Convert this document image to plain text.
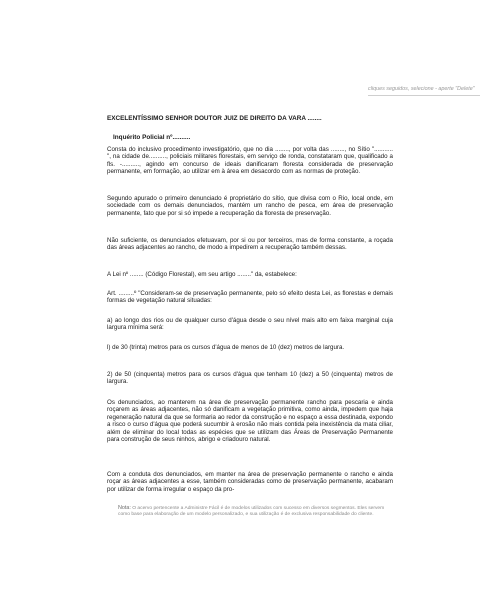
cliques seguidos, selecione - aperte "Delete"

EXCELENTÍSSIMO SENHOR DOUTOR JUIZ DE DIREITO DA VARA ........

Inquérito Policial nº..........

Consta do inclusivo procedimento investigatório, que no dia ........, por volta das ........, no Sítio "........... ", na cidade de.........., policiais militares florestais, em serviço de ronda, constataram que, qualificado a fls. -.........., agindo em concurso de ideais danificaram floresta considerada de preservação permanente, em formação, ao utilizar em à área em desacordo com as normas de proteção.

Segundo apurado o primeiro denunciado é proprietário do sítio, que divisa com o Rio, local onde, em sociedade com os demais denunciados, mantém um rancho de pesca, em área de preservação permanente, fato que por si só impede a recuperação da floresta de preservação.

Não suficiente, os denunciados efetuavam, por si ou por terceiros, mas de forma constante, a roçada das áreas adjacentes ao rancho, de modo a impedirem a recuperação também dessas.

A Lei nº ........ (Código Florestal), em seu artigo ........" da, estabelece:

Art. .........º "Consideram-se de preservação permanente, pelo só efeito desta Lei, as florestas e demais formas de vegetação natural situadas:

a) ao longo dos rios ou de qualquer curso d'água desde o seu nível mais alto em faixa marginal cuja largura mínima será:

l) de 30 (trinta) metros para os cursos d'água de menos de 10 (dez) metros de largura.

2) de 50 (cinquenta) metros para os cursos d'água que tenham 10 (dez) a 50 (cinquenta) metros de largura.

Os denunciados, ao manterem na área de preservação permanente rancho para pescaria e ainda roçarem as áreas adjacentes, não só danificam a vegetação primitiva, como ainda, impedem que haja regeneração natural da que se formaria ao redor da construção e no espaço a essa destinada, expondo a risco o curso d'água que poderá sucumbir à erosão não mais contida pela inexistência da mata ciliar, além de eliminar do local todas as espécies que se utilizam das Áreas de Preservação Permanente para construção de seus ninhos, abrigo e criadouro natural.

Com a conduta dos denunciados, em manter na área de preservação permanente o rancho e ainda roçar as áreas adjacentes a esse, também consideradas como de preservação permanente, acabaram por utilizar de forma irregular o espaço da pro-

Nota: O acervo pertencente a Administre Fácil é de modelos utilizados com sucesso em diversos segmentos. Eles servem como base para elaboração de um modelo personalizado, e sua utilização é de exclusiva responsabilidade do cliente.
